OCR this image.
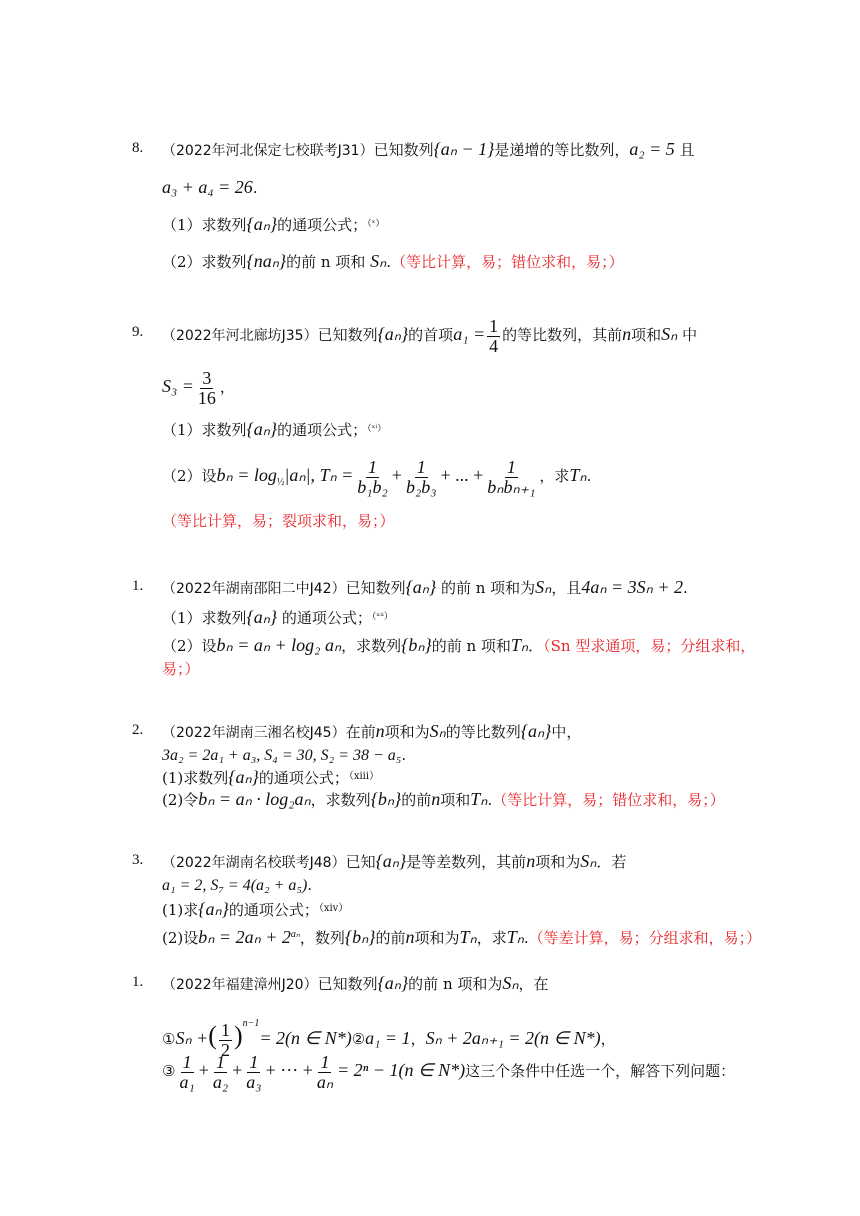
8. （2022年河北保定七校联考J31）已知数列{aₙ − 1}是递增的等比数列，a₂ = 5 且
a₃ + a₄ = 26.
（1）求数列{aₙ}的通项公式；$^{(ˣ)}$
（2）求数列{naₙ}的前 n 项和 Sₙ.（等比计算，易；错位求和，易；）
9. （2022年河北廊坊J35）已知数列{aₙ}的首项$a_1 = \frac{1}{4}$ 的等比数列，其前n项和Sₙ 中
$S_3 = \frac{3}{16}$ ，
（1）求数列{aₙ}的通项公式；$^{(ˣ^i)}$
（2）设$b_n = \log_{\frac{1}{2}}|a_n|$, $T_n = \frac{1}{\text{b₁b₂}} + \frac{1}{\text{b₂b₃}}$ + ... + $\frac{1}{\text{bₙbₙ₊₁}}$ ，求Tₙ.
（等比计算，易；裂项求和，易；）
1. （2022年湖南邵阳二中J42）已知数列{aₙ} 的前 n 项和为Sₙ，且4aₙ = 3Sₙ + 2.
（1）求数列{aₙ} 的通项公式；$^{(ˣ^{ii})}$
（2）设bₙ = aₙ + log₂ aₙ，求数列{bₙ}的前 n 项和Tₙ．（Sn 型求通项，易；分组求和，
易；）
2. （2022年湖南三湘名校J45）在前n项和为Sₙ的等比数列{aₙ}中，
3a₂ = 2a₁ + a₃, S₄ = 30, S₂ = 38 − a₅.
(1)求数列{aₙ}的通项公式；$^{(xiii)}$
(2)令bₙ = aₙ · log₂aₙ，求数列{bₙ}的前n项和Tₙ.（等比计算，易；错位求和，易；）
3. （2022年湖南名校联考J48）已知{aₙ}是等差数列，其前n项和为Sₙ．若
a₁ = 2, S₇ = 4(a₂ + a₅).
(1)求{aₙ}的通项公式；$^{(xiv)}$
(2)设$b_n = 2a_n + 2^{a_n}$，数列{bₙ}的前n项和为Tₙ，求Tₙ.（等差计算，易；分组求和，易；）
1. （2022年福建漳州J20）已知数列{aₙ}的前 n 项和为Sₙ，在
①Sₙ +( $\frac{1}{2} )^{n-1}= 2(n$ ∈ N*)②a₁ = 1，Sₙ + 2aₙ₊₁ = 2(n ∈ N*)，
③ $\frac{1}{\text{a₁}} + \frac{1}{\text{a₂}} + \frac{1}{\text{a₃}}$ + ··· + $\frac{1}{\text{aₙ}} = 2^n - 1(n$ ∈ N*)这三个条件中任选一个，解答下列问题：
